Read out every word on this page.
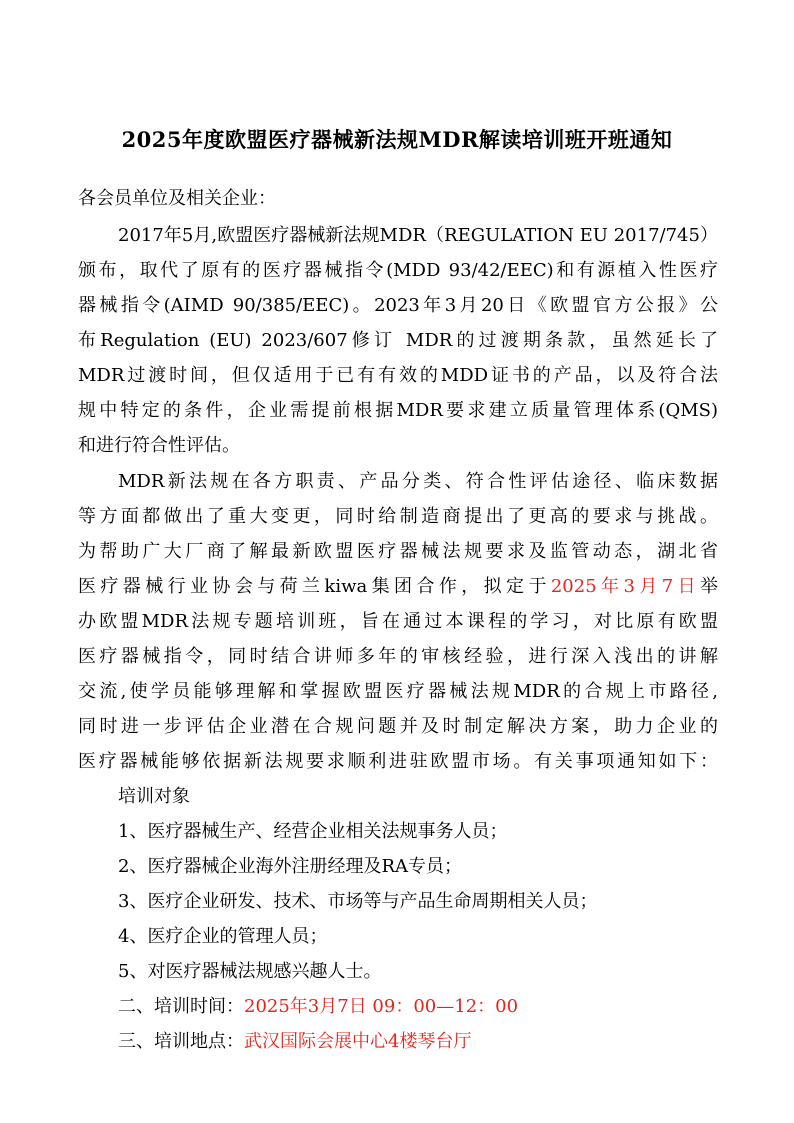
2025年度欧盟医疗器械新法规MDR解读培训班开班通知
各会员单位及相关企业：
2017年5月,欧盟医疗器械新法规MDR（REGULATION EU 2017/745）
颁布，取代了原有的医疗器械指令(MDD 93/42/EEC)和有源植入性医疗
器械指令(AIMD 90/385/EEC)。2023年3月20日《欧盟官方公报》公
布Regulation (EU) 2023/607修订 MDR的过渡期条款，虽然延长了
MDR过渡时间，但仅适用于已有有效的MDD证书的产品，以及符合法
规中特定的条件，企业需提前根据MDR要求建立质量管理体系(QMS)
和进行符合性评估。
MDR新法规在各方职责、产品分类、符合性评估途径、临床数据
等方面都做出了重大变更，同时给制造商提出了更高的要求与挑战。
为帮助广大厂商了解最新欧盟医疗器械法规要求及监管动态，湖北省
医疗器械行业协会与荷兰kiwa集团合作，拟定于2025年3月7日举
办欧盟MDR法规专题培训班，旨在通过本课程的学习，对比原有欧盟
医疗器械指令，同时结合讲师多年的审核经验，进行深入浅出的讲解
交流,使学员能够理解和掌握欧盟医疗器械法规MDR的合规上市路径,
同时进一步评估企业潜在合规问题并及时制定解决方案，助力企业的
医疗器械能够依据新法规要求顺利进驻欧盟市场。有关事项通知如下：
培训对象
1、医疗器械生产、经营企业相关法规事务人员；
2、医疗器械企业海外注册经理及RA专员；
3、医疗企业研发、技术、市场等与产品生命周期相关人员；
4、医疗企业的管理人员；
5、对医疗器械法规感兴趣人士。
二、培训时间：2025年3月7日 09：00—12：00
三、培训地点：武汉国际会展中心4楼琴台厅
